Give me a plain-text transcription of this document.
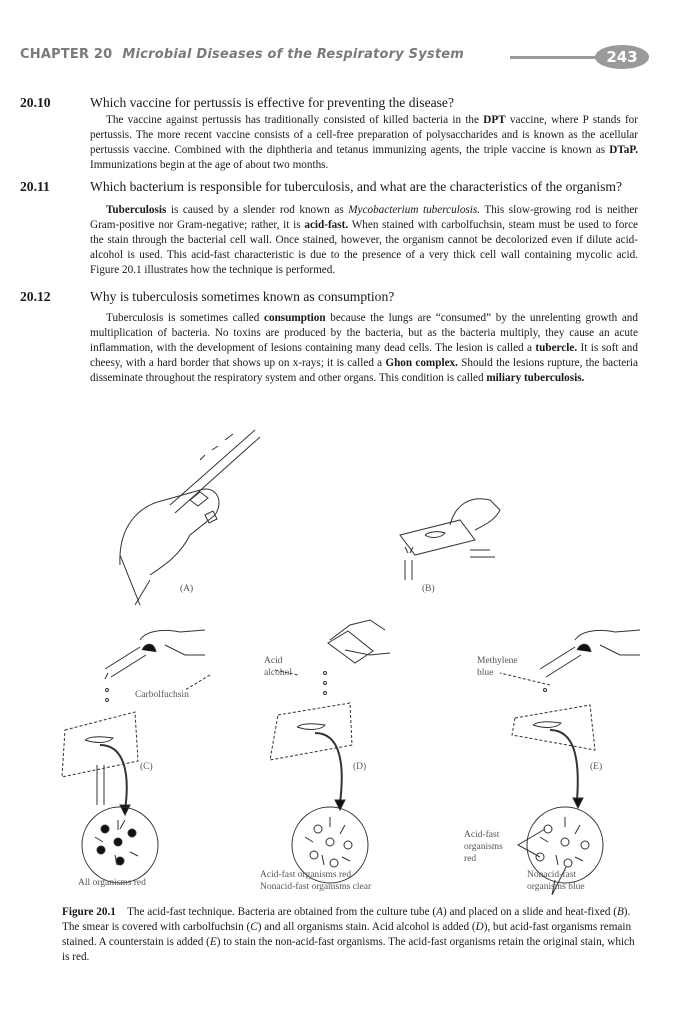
CHAPTER 20 Microbial Diseases of the Respiratory System	243
20.10	Which vaccine for pertussis is effective for preventing the disease?
The vaccine against pertussis has traditionally consisted of killed bacteria in the DPT vaccine, where P stands for pertussis. The more recent vaccine consists of a cell-free preparation of polysaccharides and is known as the acellular pertussis vaccine. Combined with the diphtheria and tetanus immunizing agents, the triple vaccine is known as DTaP. Immunizations begin at the age of about two months.
20.11	Which bacterium is responsible for tuberculosis, and what are the characteristics of the organism?
Tuberculosis is caused by a slender rod known as Mycobacterium tuberculosis. This slow-growing rod is neither Gram-positive nor Gram-negative; rather, it is acid-fast. When stained with carbolfuchsin, steam must be used to force the stain through the bacterial cell wall. Once stained, however, the organism cannot be decolorized even if dilute acid-alcohol is used. This acid-fast characteristic is due to the presence of a very thick cell wall containing mycolic acid. Figure 20.1 illustrates how the technique is performed.
20.12	Why is tuberculosis sometimes known as consumption?
Tuberculosis is sometimes called consumption because the lungs are “consumed” by the unrelenting growth and multiplication of bacteria. No toxins are produced by the bacteria, but as the bacteria multiply, they cause an acute inflammation, with the development of lesions containing many dead cells. The lesion is called a tubercle. It is soft and cheesy, with a hard border that shows up on x-rays; it is called a Ghon complex. Should the lesions rupture, the bacteria disseminate throughout the respiratory system and other organs. This condition is called miliary tuberculosis.
(A)	(B)
(C)	(D)	(E)
Carbolfuchsin
Acid
alcohol
Methylene
blue
Acid-fast
organisms
red
All organisms red
Acid-fast organisms red
Nonacid-fast organisms clear
Nonacid-fast
organisms blue
Figure 20.1 The acid-fast technique. Bacteria are obtained from the culture tube (A) and placed on a slide and heat-fixed (B). The smear is covered with carbolfuchsin (C) and all organisms stain. Acid alcohol is added (D), but acid-fast organisms remain stained. A counterstain is added (E) to stain the non-acid-fast organisms. The acid-fast organisms retain the original stain, which is red.
